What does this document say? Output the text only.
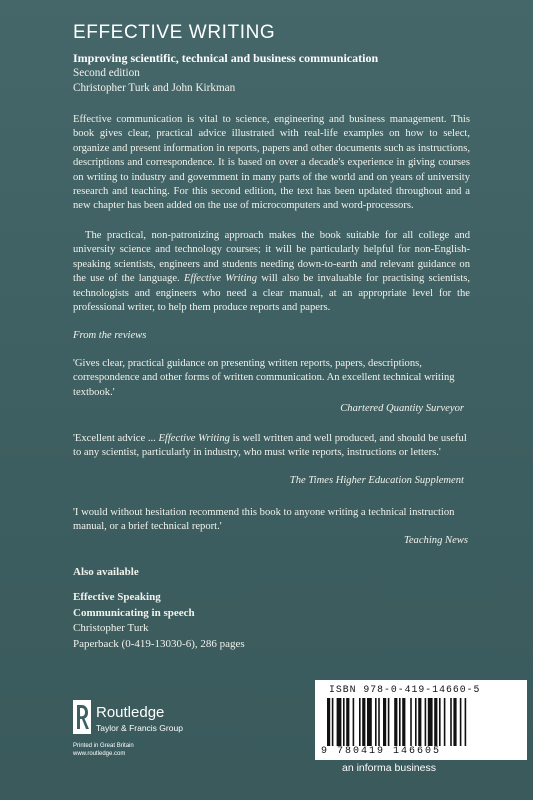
EFFECTIVE WRITING
Improving scientific, technical and business communication
Second edition
Christopher Turk and John Kirkman
Effective communication is vital to science, engineering and business management. This book gives clear, practical advice illustrated with real-life examples on how to select, organize and present information in reports, papers and other documents such as instructions, descriptions and correspondence. It is based on over a decade's experience in giving courses on writing to industry and government in many parts of the world and on years of university research and teaching. For this second edition, the text has been updated throughout and a new chapter has been added on the use of microcomputers and word-processors.
The practical, non-patronizing approach makes the book suitable for all college and university science and technology courses; it will be particularly helpful for non-English-speaking scientists, engineers and students needing down-to-earth and relevant guidance on the use of the language. Effective Writing will also be invaluable for practising scientists, technologists and engineers who need a clear manual, at an appropriate level for the professional writer, to help them produce reports and papers.
From the reviews
'Gives clear, practical guidance on presenting written reports, papers, descriptions, correspondence and other forms of written communication. An excellent technical writing textbook.'
Chartered Quantity Surveyor
'Excellent advice ... Effective Writing is well written and well produced, and should be useful to any scientist, particularly in industry, who must write reports, instructions or letters.'
The Times Higher Education Supplement
'I would without hesitation recommend this book to anyone writing a technical instruction manual, or a brief technical report.'
Teaching News
Also available
Effective Speaking
Communicating in speech
Christopher Turk
Paperback (0-419-13030-6), 286 pages
Routledge
Taylor & Francis Group
Printed in Great Britain
www.routledge.com
ISBN 978-0-419-14660-5
9 780419 146605
an informa business
